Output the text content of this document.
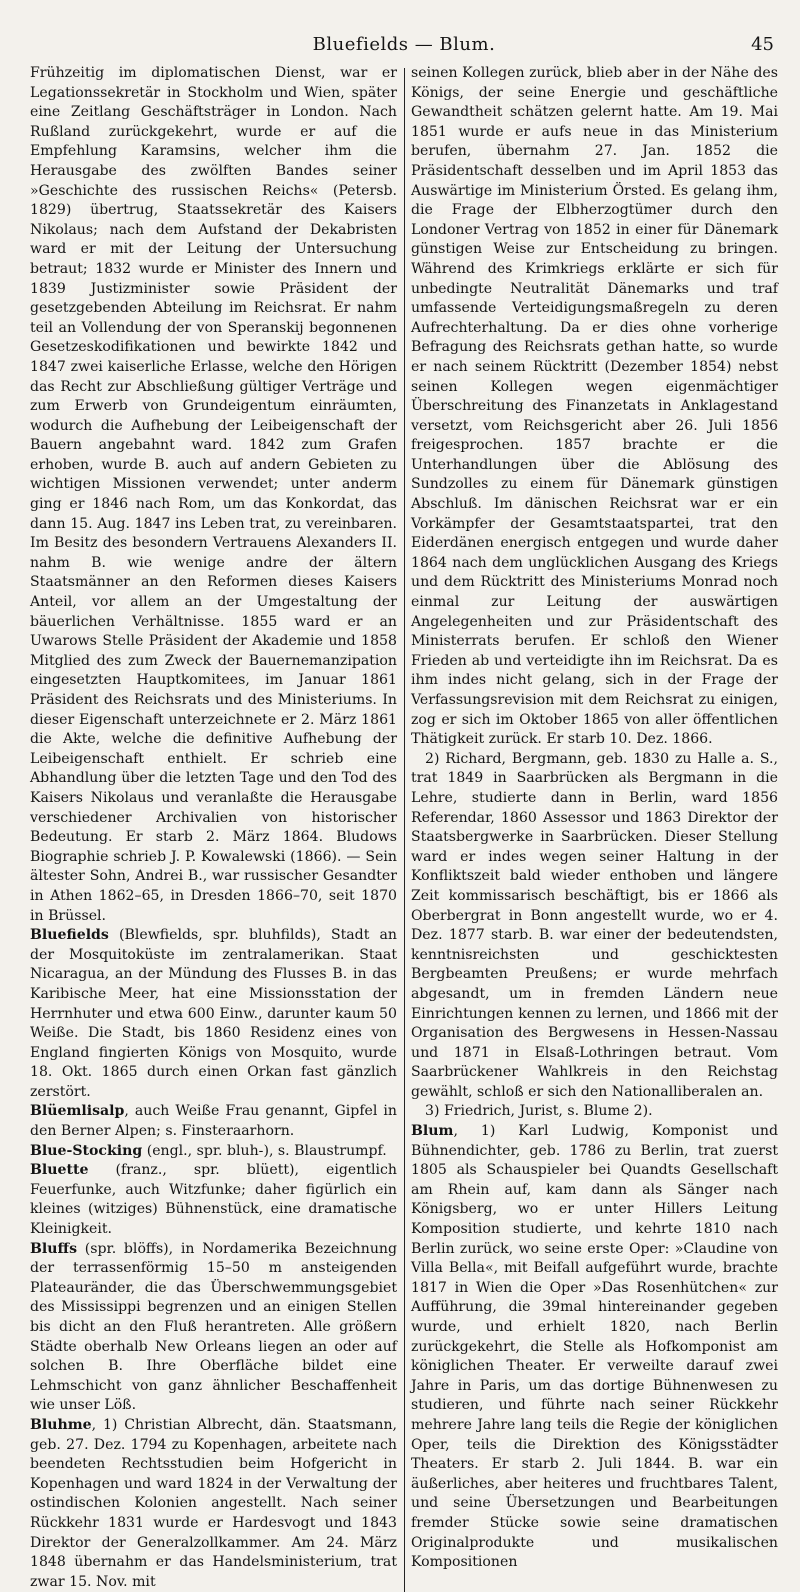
Bluefields — Blum.	45

Frühzeitig im diplomatischen Dienst, war er Legationssekretär in Stockholm und Wien, später eine Zeitlang Geschäftsträger in London. Nach Rußland zurückgekehrt, wurde er auf die Empfehlung Karamsins, welcher ihm die Herausgabe des zwölften Bandes seiner »Geschichte des russischen Reichs« (Petersb. 1829) übertrug, Staatssekretär des Kaisers Nikolaus; nach dem Aufstand der Dekabristen ward er mit der Leitung der Untersuchung betraut; 1832 wurde er Minister des Innern und 1839 Justizminister sowie Präsident der gesetzgebenden Abteilung im Reichsrat. Er nahm teil an Vollendung der von Speranskij begonnenen Gesetzeskodifikationen und bewirkte 1842 und 1847 zwei kaiserliche Erlasse, welche den Hörigen das Recht zur Abschließung gültiger Verträge und zum Erwerb von Grundeigentum einräumten, wodurch die Aufhebung der Leibeigenschaft der Bauern angebahnt ward. 1842 zum Grafen erhoben, wurde B. auch auf andern Gebieten zu wichtigen Missionen verwendet; unter anderm ging er 1846 nach Rom, um das Konkordat, das dann 15. Aug. 1847 ins Leben trat, zu vereinbaren. Im Besitz des besondern Vertrauens Alexanders II. nahm B. wie wenige andre der ältern Staatsmänner an den Reformen dieses Kaisers Anteil, vor allem an der Umgestaltung der bäuerlichen Verhältnisse. 1855 ward er an Uwarows Stelle Präsident der Akademie und 1858 Mitglied des zum Zweck der Bauernemanzipation eingesetzten Hauptkomitees, im Januar 1861 Präsident des Reichsrats und des Ministeriums. In dieser Eigenschaft unterzeichnete er 2. März 1861 die Akte, welche die definitive Aufhebung der Leibeigenschaft enthielt. Er schrieb eine Abhandlung über die letzten Tage und den Tod des Kaisers Nikolaus und veranlaßte die Herausgabe verschiedener Archivalien von historischer Bedeutung. Er starb 2. März 1864. Bludows Biographie schrieb J. P. Kowalewski (1866). — Sein ältester Sohn, Andrei B., war russischer Gesandter in Athen 1862–65, in Dresden 1866–70, seit 1870 in Brüssel.

Bluefields (Blewfields, spr. bluhfilds), Stadt an der Mosquitoküste im zentralamerikan. Staat Nicaragua, an der Mündung des Flusses B. in das Karibische Meer, hat eine Missionsstation der Herrnhuter und etwa 600 Einw., darunter kaum 50 Weiße. Die Stadt, bis 1860 Residenz eines von England fingierten Königs von Mosquito, wurde 18. Okt. 1865 durch einen Orkan fast gänzlich zerstört.

Blüemlisalp, auch Weiße Frau genannt, Gipfel in den Berner Alpen; s. Finsteraarhorn.

Blue-Stocking (engl., spr. bluh-), s. Blaustrumpf.

Bluette (franz., spr. blüett), eigentlich Feuerfunke, auch Witzfunke; daher figürlich ein kleines (witziges) Bühnenstück, eine dramatische Kleinigkeit.

Bluffs (spr. blöffs), in Nordamerika Bezeichnung der terrassenförmig 15–50 m ansteigenden Plateauränder, die das Überschwemmungsgebiet des Mississippi begrenzen und an einigen Stellen bis dicht an den Fluß herantreten. Alle größern Städte oberhalb New Orleans liegen an oder auf solchen B. Ihre Oberfläche bildet eine Lehmschicht von ganz ähnlicher Beschaffenheit wie unser Löß.

Bluhme, 1) Christian Albrecht, dän. Staatsmann, geb. 27. Dez. 1794 zu Kopenhagen, arbeitete nach beendeten Rechtsstudien beim Hofgericht in Kopenhagen und ward 1824 in der Verwaltung der ostindischen Kolonien angestellt. Nach seiner Rückkehr 1831 wurde er Hardesvogt und 1843 Direktor der Generalzollkammer. Am 24. März 1848 übernahm er das Handelsministerium, trat zwar 15. Nov. mit

seinen Kollegen zurück, blieb aber in der Nähe des Königs, der seine Energie und geschäftliche Gewandtheit schätzen gelernt hatte. Am 19. Mai 1851 wurde er aufs neue in das Ministerium berufen, übernahm 27. Jan. 1852 die Präsidentschaft desselben und im April 1853 das Auswärtige im Ministerium Örsted. Es gelang ihm, die Frage der Elbherzogtümer durch den Londoner Vertrag von 1852 in einer für Dänemark günstigen Weise zur Entscheidung zu bringen. Während des Krimkriegs erklärte er sich für unbedingte Neutralität Dänemarks und traf umfassende Verteidigungsmaßregeln zu deren Aufrechterhaltung. Da er dies ohne vorherige Befragung des Reichsrats gethan hatte, so wurde er nach seinem Rücktritt (Dezember 1854) nebst seinen Kollegen wegen eigenmächtiger Überschreitung des Finanzetats in Anklagestand versetzt, vom Reichsgericht aber 26. Juli 1856 freigesprochen. 1857 brachte er die Unterhandlungen über die Ablösung des Sundzolles zu einem für Dänemark günstigen Abschluß. Im dänischen Reichsrat war er ein Vorkämpfer der Gesamtstaatspartei, trat den Eiderdänen energisch entgegen und wurde daher 1864 nach dem unglücklichen Ausgang des Kriegs und dem Rücktritt des Ministeriums Monrad noch einmal zur Leitung der auswärtigen Angelegenheiten und zur Präsidentschaft des Ministerrats berufen. Er schloß den Wiener Frieden ab und verteidigte ihn im Reichsrat. Da es ihm indes nicht gelang, sich in der Frage der Verfassungsrevision mit dem Reichsrat zu einigen, zog er sich im Oktober 1865 von aller öffentlichen Thätigkeit zurück. Er starb 10. Dez. 1866.

2) Richard, Bergmann, geb. 1830 zu Halle a. S., trat 1849 in Saarbrücken als Bergmann in die Lehre, studierte dann in Berlin, ward 1856 Referendar, 1860 Assessor und 1863 Direktor der Staatsbergwerke in Saarbrücken. Dieser Stellung ward er indes wegen seiner Haltung in der Konfliktszeit bald wieder enthoben und längere Zeit kommissarisch beschäftigt, bis er 1866 als Oberbergrat in Bonn angestellt wurde, wo er 4. Dez. 1877 starb. B. war einer der bedeutendsten, kenntnisreichsten und geschicktesten Bergbeamten Preußens; er wurde mehrfach abgesandt, um in fremden Ländern neue Einrichtungen kennen zu lernen, und 1866 mit der Organisation des Bergwesens in Hessen-Nassau und 1871 in Elsaß-Lothringen betraut. Vom Saarbrückener Wahlkreis in den Reichstag gewählt, schloß er sich den Nationalliberalen an.

3) Friedrich, Jurist, s. Blume 2).

Blum, 1) Karl Ludwig, Komponist und Bühnendichter, geb. 1786 zu Berlin, trat zuerst 1805 als Schauspieler bei Quandts Gesellschaft am Rhein auf, kam dann als Sänger nach Königsberg, wo er unter Hillers Leitung Komposition studierte, und kehrte 1810 nach Berlin zurück, wo seine erste Oper: »Claudine von Villa Bella«, mit Beifall aufgeführt wurde, brachte 1817 in Wien die Oper »Das Rosenhütchen« zur Aufführung, die 39mal hintereinander gegeben wurde, und erhielt 1820, nach Berlin zurückgekehrt, die Stelle als Hofkomponist am königlichen Theater. Er verweilte darauf zwei Jahre in Paris, um das dortige Bühnenwesen zu studieren, und führte nach seiner Rückkehr mehrere Jahre lang teils die Regie der königlichen Oper, teils die Direktion des Königsstädter Theaters. Er starb 2. Juli 1844. B. war ein äußerliches, aber heiteres und fruchtbares Talent, und seine Übersetzungen und Bearbeitungen fremder Stücke sowie seine dramatischen Originalprodukte und musikalischen Kompositionen
